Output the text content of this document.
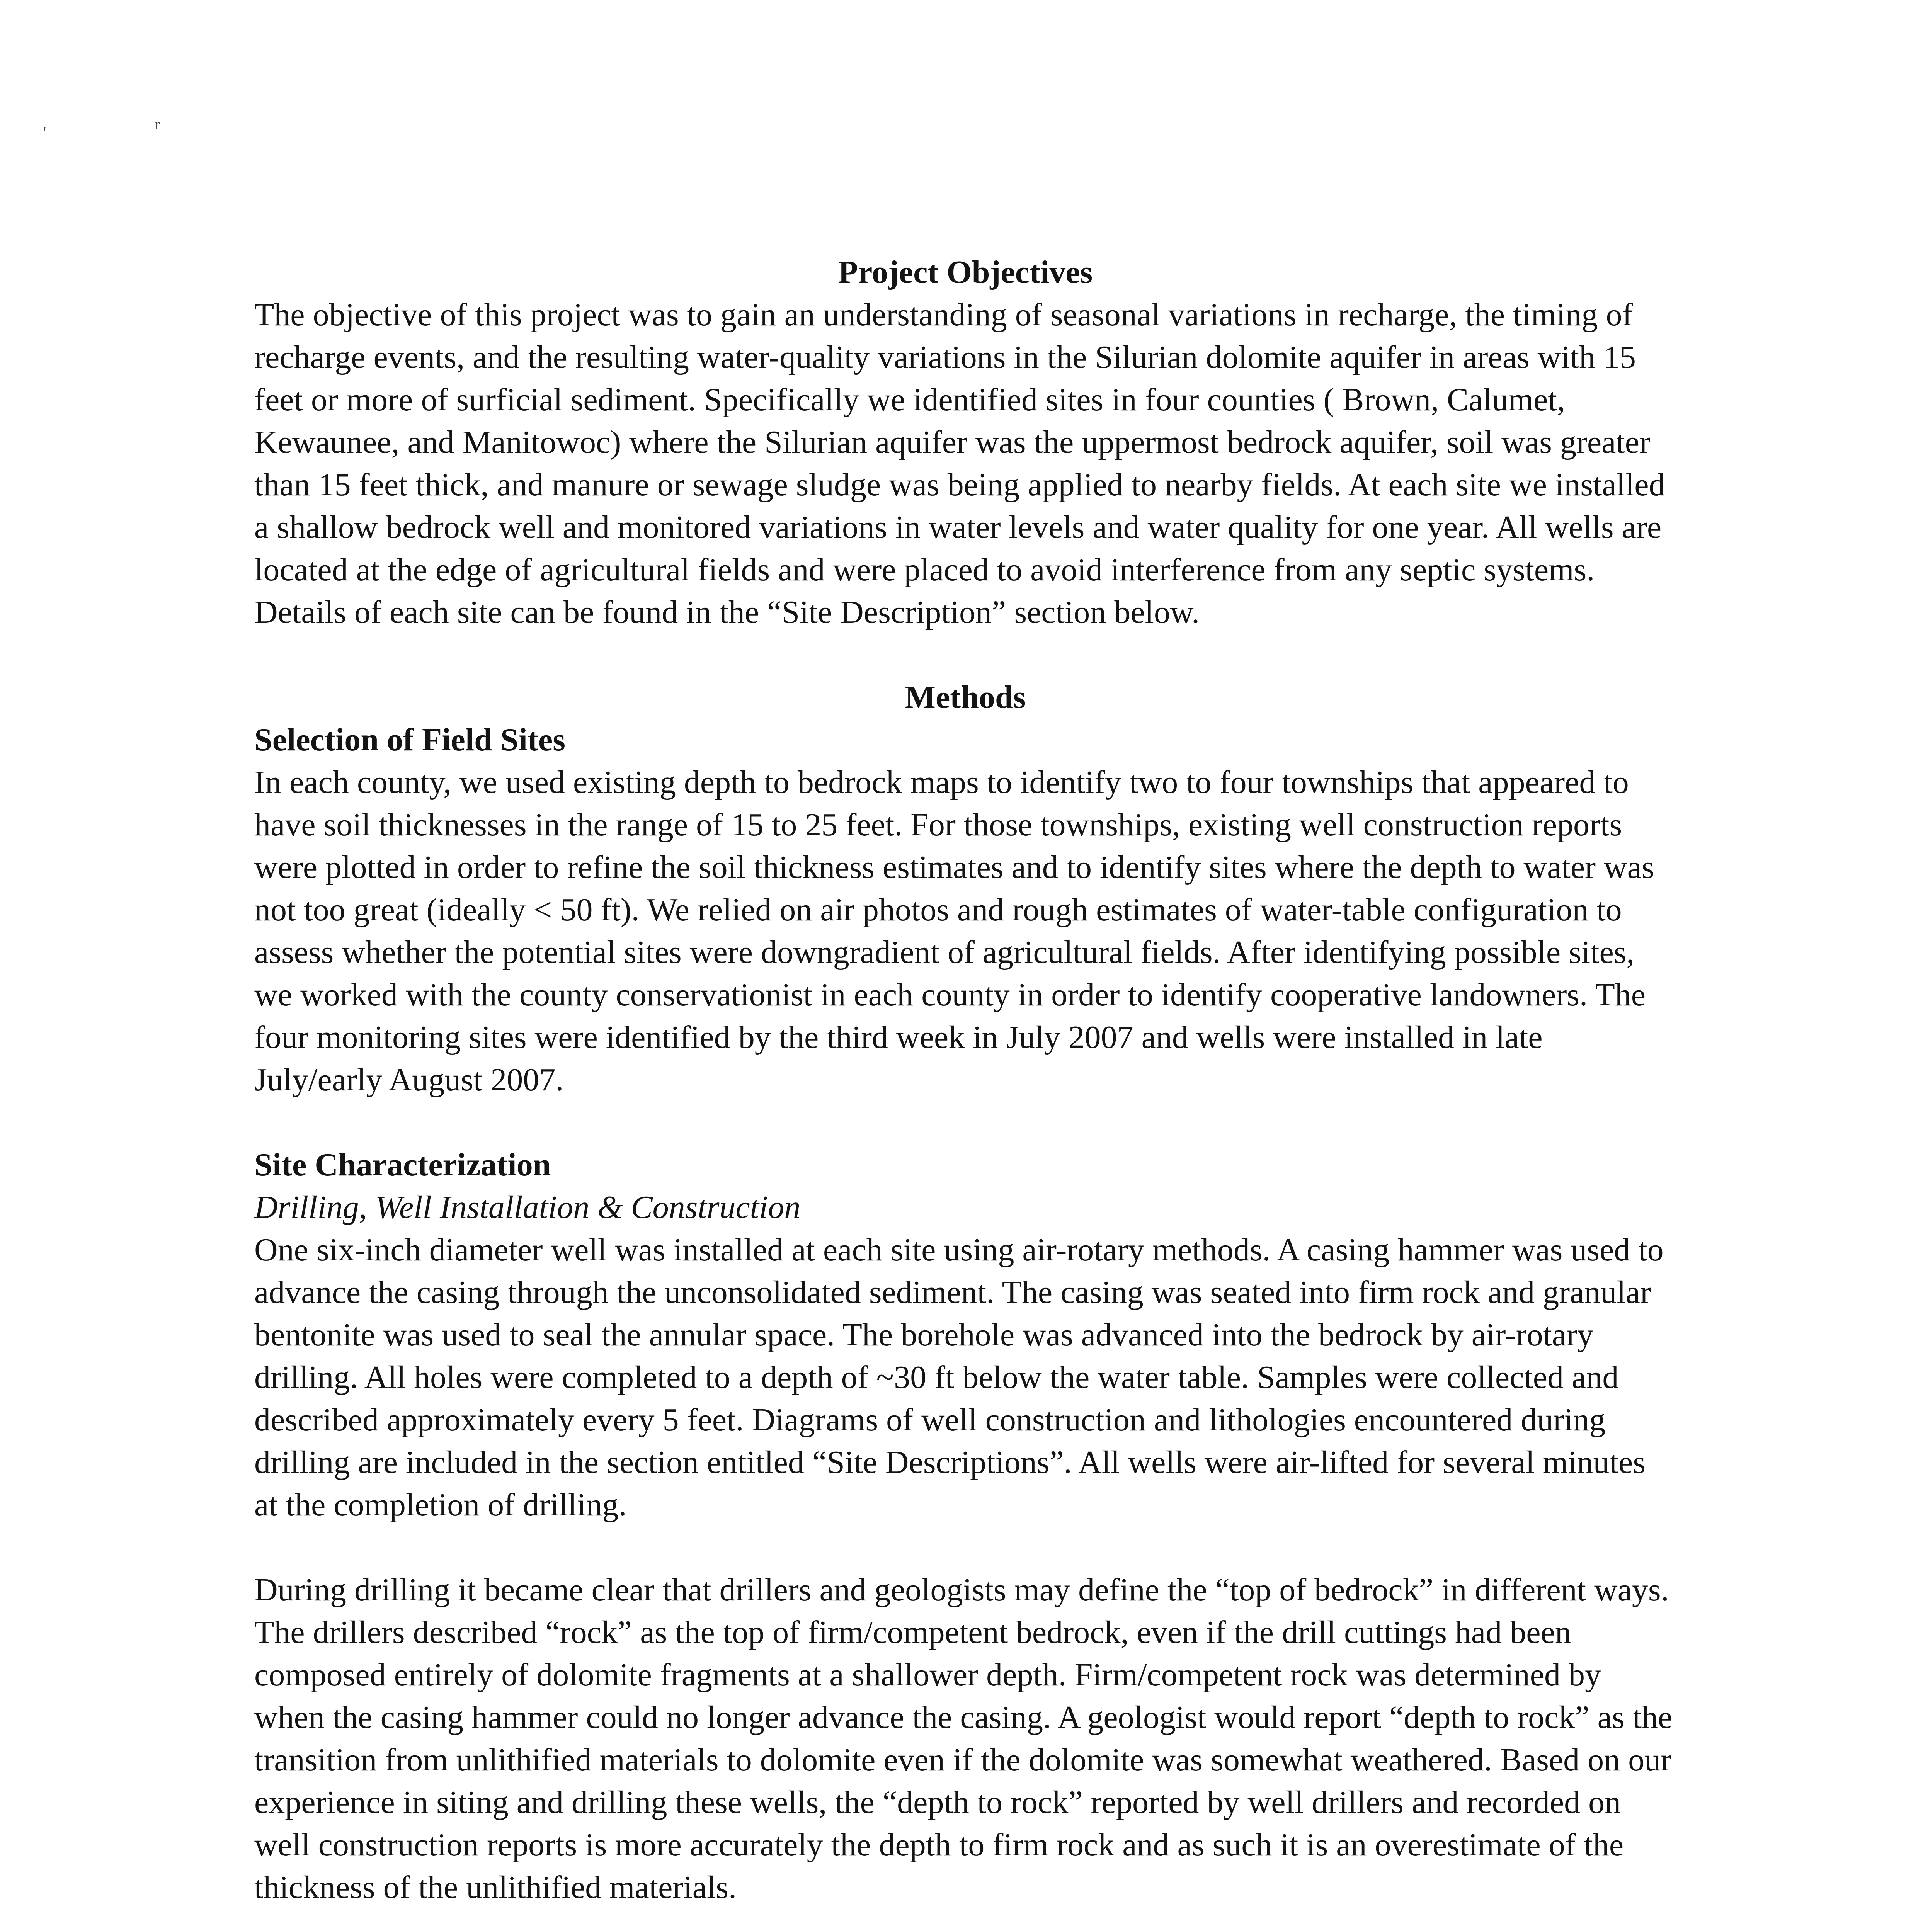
'	r
Project Objectives

The objective of this project was to gain an understanding of seasonal variations in recharge, the timing of recharge events, and the resulting water-quality variations in the Silurian dolomite aquifer in areas with 15 feet or more of surficial sediment. Specifically we identified sites in four counties ( Brown, Calumet, Kewaunee, and Manitowoc) where the Silurian aquifer was the uppermost bedrock aquifer, soil was greater than 15 feet thick, and manure or sewage sludge was being applied to nearby fields. At each site we installed a shallow bedrock well and monitored variations in water levels and water quality for one year. All wells are located at the edge of agricultural fields and were placed to avoid interference from any septic systems. Details of each site can be found in the “Site Description” section below.

Methods
Selection of Field Sites

In each county, we used existing depth to bedrock maps to identify two to four townships that appeared to have soil thicknesses in the range of 15 to 25 feet. For those townships, existing well construction reports were plotted in order to refine the soil thickness estimates and to identify sites where the depth to water was not too great (ideally < 50 ft). We relied on air photos and rough estimates of water-table configuration to assess whether the potential sites were downgradient of agricultural fields. After identifying possible sites, we worked with the county conservationist in each county in order to identify cooperative landowners. The four monitoring sites were identified by the third week in July 2007 and wells were installed in late July/early August 2007.

Site Characterization
Drilling, Well Installation & Construction

One six-inch diameter well was installed at each site using air-rotary methods. A casing hammer was used to advance the casing through the unconsolidated sediment. The casing was seated into firm rock and granular bentonite was used to seal the annular space. The borehole was advanced into the bedrock by air-rotary drilling. All holes were completed to a depth of ~30 ft below the water table. Samples were collected and described approximately every 5 feet. Diagrams of well construction and lithologies encountered during drilling are included in the section entitled “Site Descriptions”. All wells were air-lifted for several minutes at the completion of drilling.

During drilling it became clear that drillers and geologists may define the “top of bedrock” in different ways. The drillers described “rock” as the top of firm/competent bedrock, even if the drill cuttings had been composed entirely of dolomite fragments at a shallower depth. Firm/competent rock was determined by when the casing hammer could no longer advance the casing. A geologist would report “depth to rock” as the transition from unlithified materials to dolomite even if the dolomite was somewhat weathered. Based on our experience in siting and drilling these wells, the “depth to rock” reported by well drillers and recorded on well construction reports is more accurately the depth to firm rock and as such it is an overestimate of the thickness of the unlithified materials.
